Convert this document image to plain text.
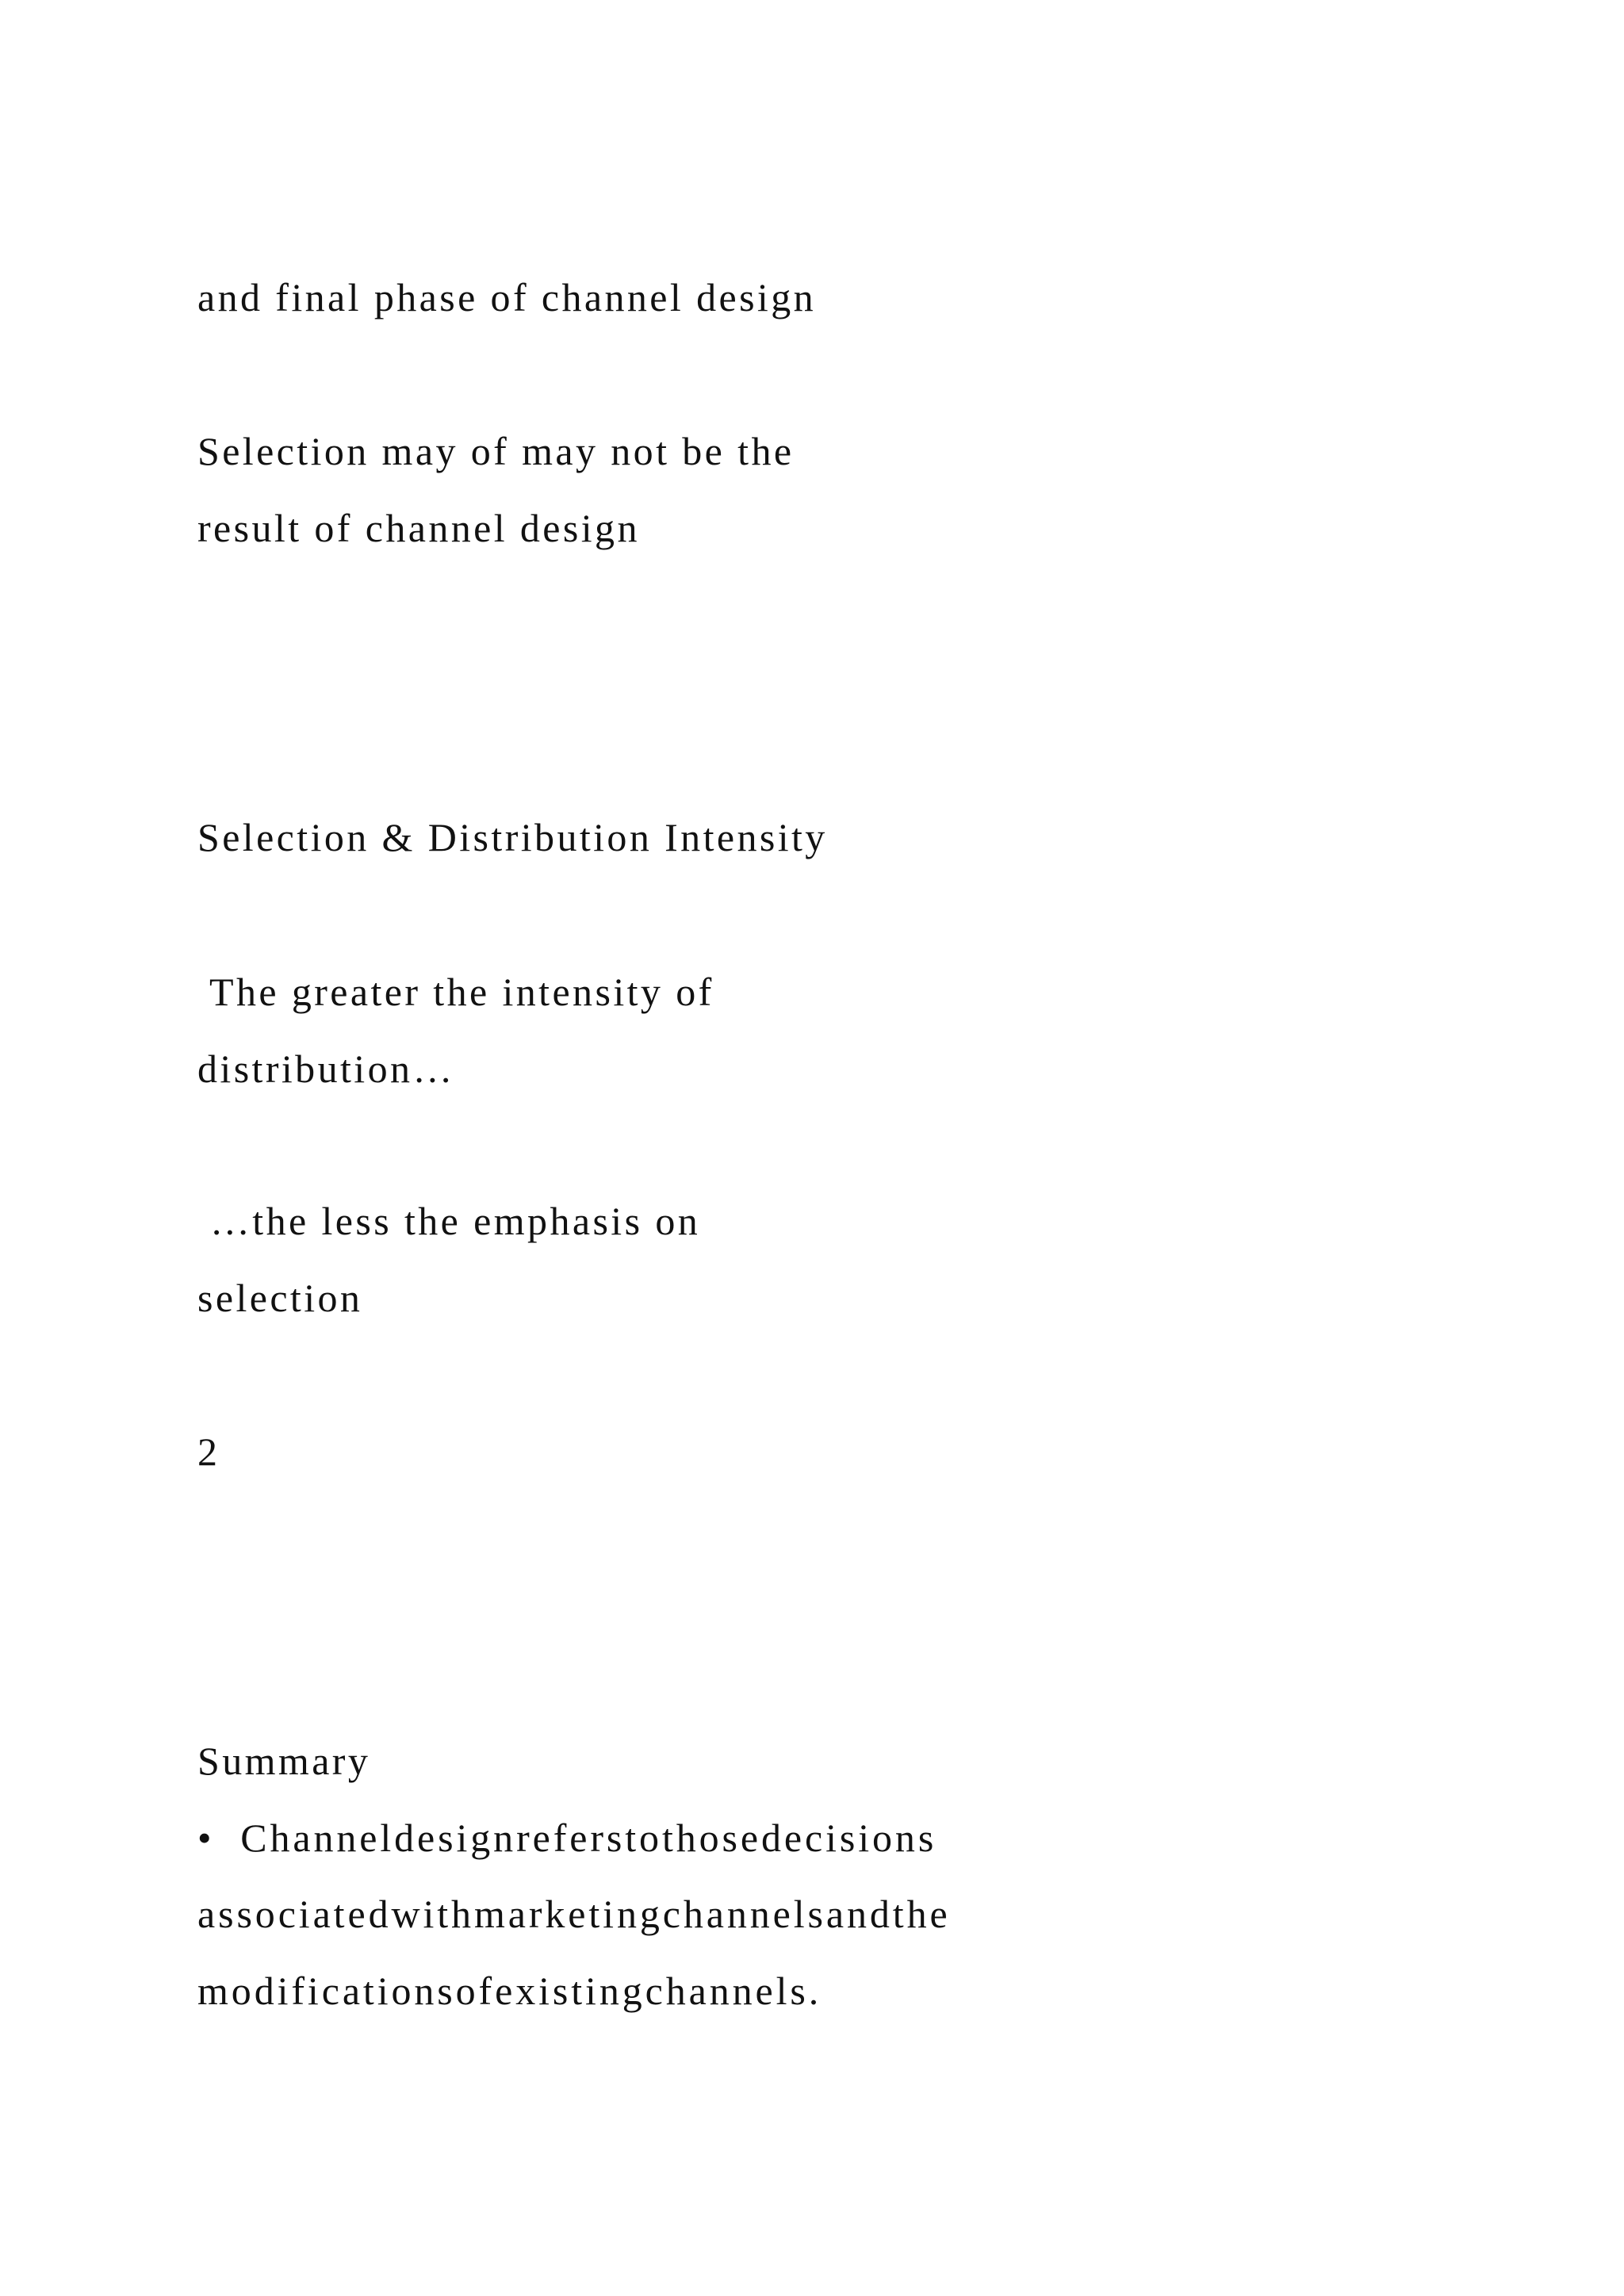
and final phase of channel design

Selection may of may not be the

result of channel design

Selection & Distribution Intensity

The greater the intensity of

distribution…

…the less the emphasis on

selection

2

Summary

•  Channeldesignreferstothosedecisions

associatedwithmarketingchannelsandthe

modificationsofexistingchannels.
